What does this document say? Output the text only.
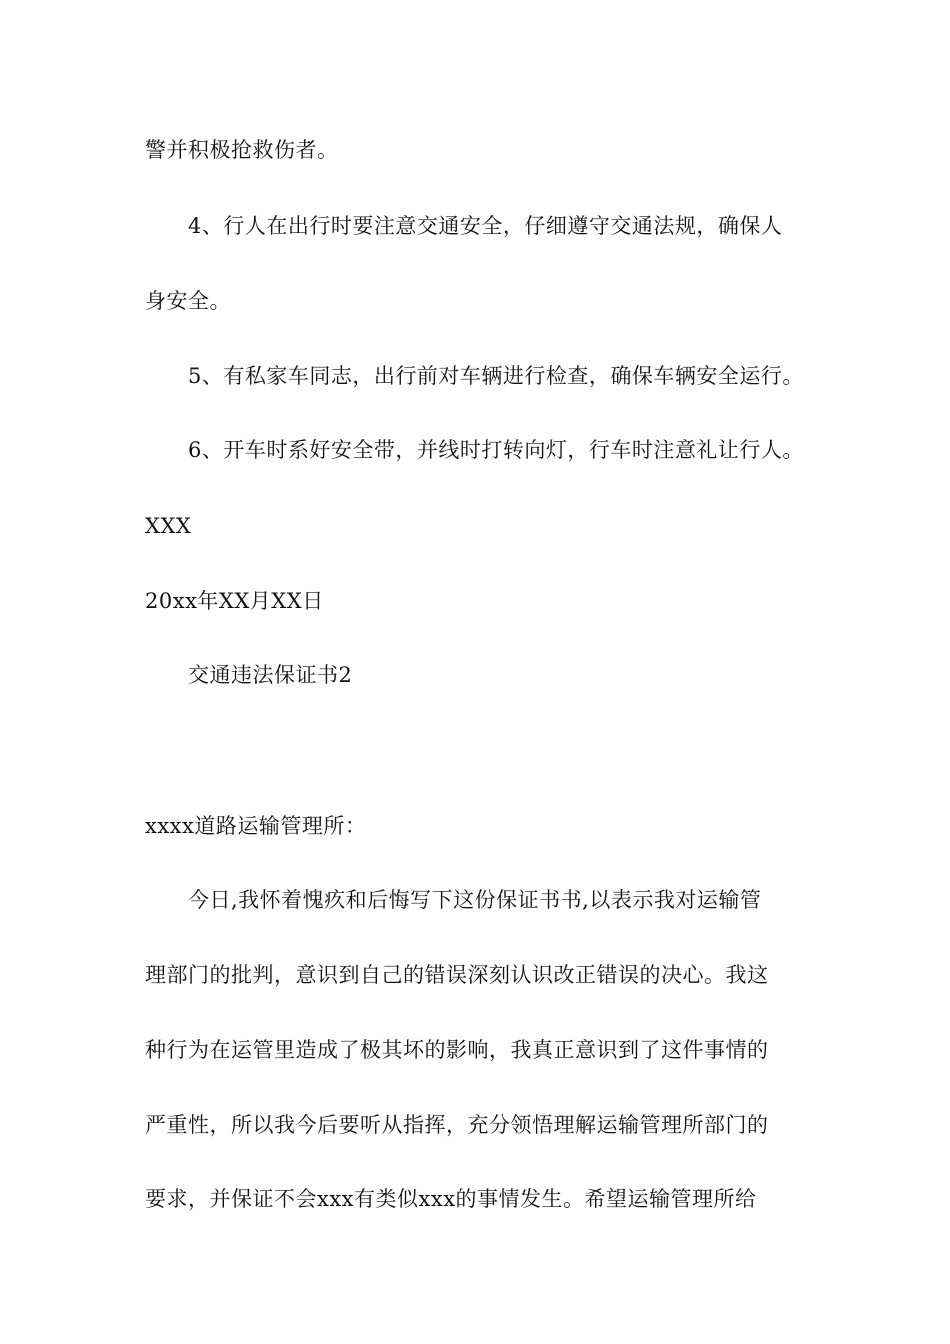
警并积极抢救伤者。
4、行人在出行时要注意交通安全，仔细遵守交通法规，确保人
身安全。
5、有私家车同志，出行前对车辆进行检查，确保车辆安全运行。
6、开车时系好安全带，并线时打转向灯，行车时注意礼让行人。
XXX
20xx年XX月XX日
交通违法保证书2
xxxx道路运输管理所：
今日,我怀着愧疚和后悔写下这份保证书书,以表示我对运输管
理部门的批判，意识到自己的错误深刻认识改正错误的决心。我这
种行为在运管里造成了极其坏的影响，我真正意识到了这件事情的
严重性，所以我今后要听从指挥，充分领悟理解运输管理所部门的
要求，并保证不会xxx有类似xxx的事情发生。希望运输管理所给
